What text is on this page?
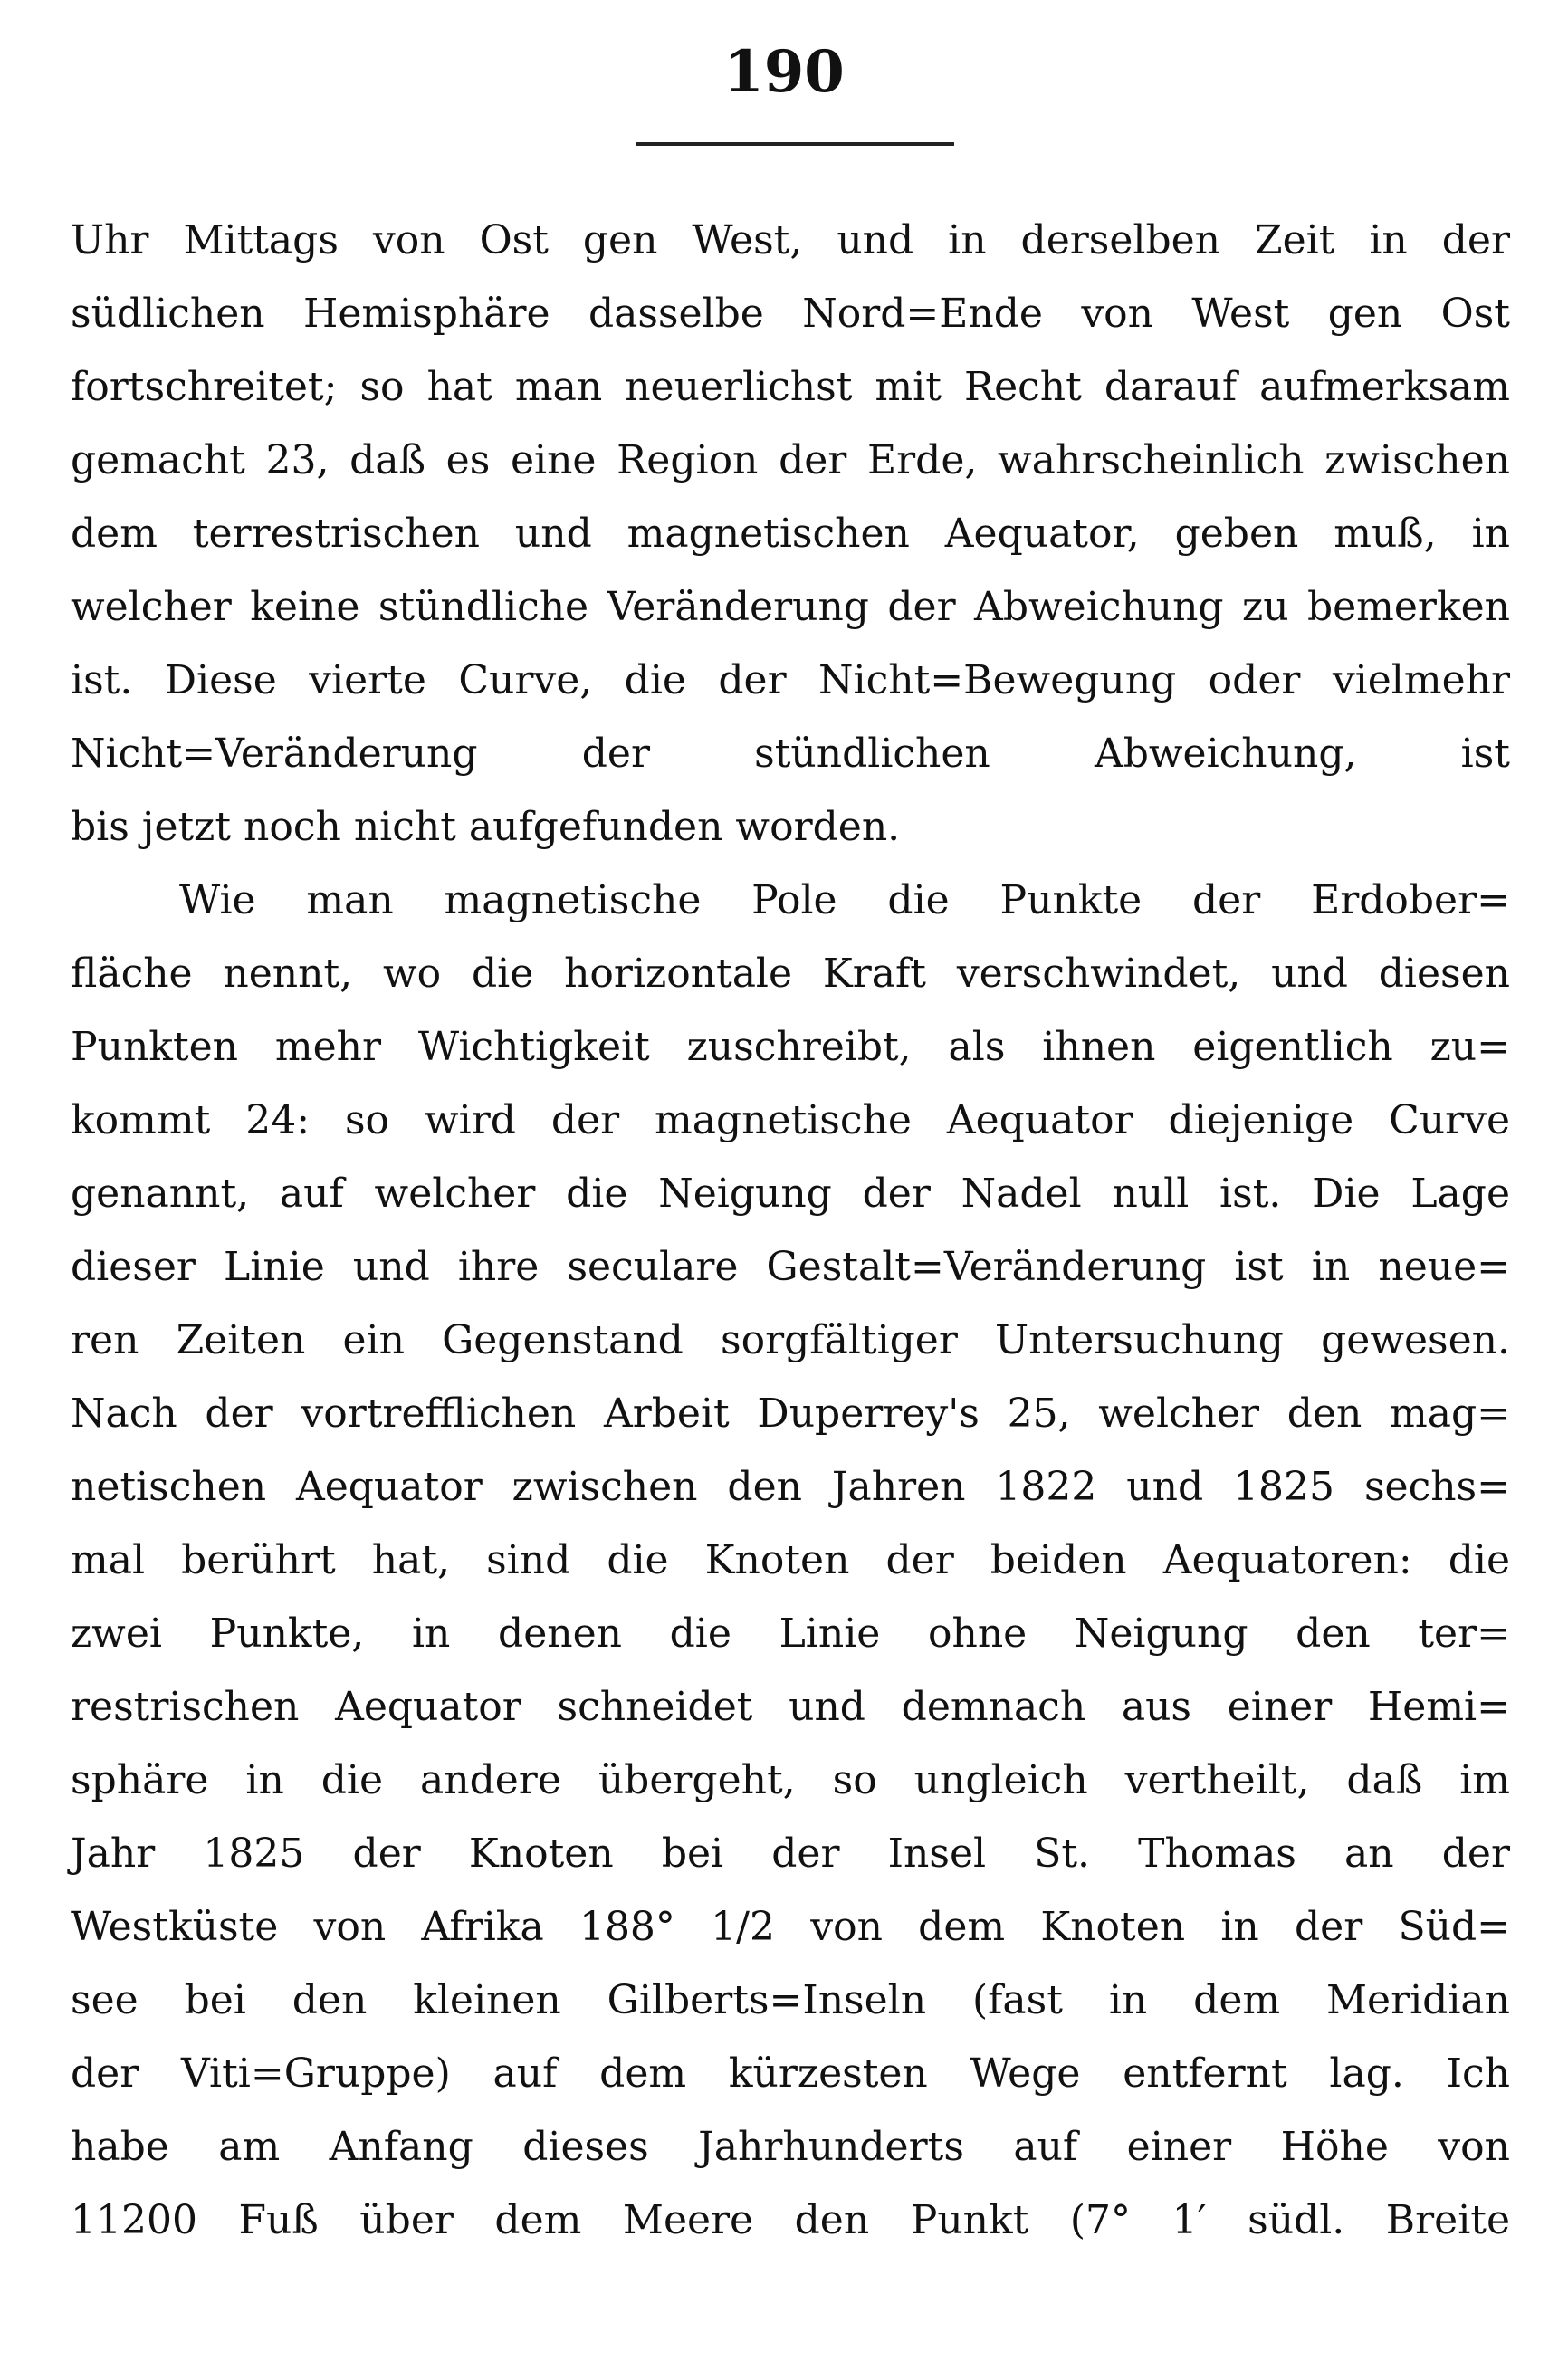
190
Uhr Mittags von Ost gen West, und in derselben Zeit in der
südlichen Hemisphäre dasselbe Nord=Ende von West gen Ost
fortschreitet; so hat man neuerlichst mit Recht darauf aufmerksam
gemacht 23, daß es eine Region der Erde, wahrscheinlich zwischen
dem terrestrischen und magnetischen Aequator, geben muß, in
welcher keine stündliche Veränderung der Abweichung zu bemerken
ist. Diese vierte Curve, die der Nicht=Bewegung oder vielmehr
Nicht=Veränderung der stündlichen Abweichung, ist
bis jetzt noch nicht aufgefunden worden.
Wie man magnetische Pole die Punkte der Erdober=
fläche nennt, wo die horizontale Kraft verschwindet, und diesen
Punkten mehr Wichtigkeit zuschreibt, als ihnen eigentlich zu=
kommt 24: so wird der magnetische Aequator diejenige Curve
genannt, auf welcher die Neigung der Nadel null ist. Die Lage
dieser Linie und ihre seculare Gestalt=Veränderung ist in neue=
ren Zeiten ein Gegenstand sorgfältiger Untersuchung gewesen.
Nach der vortrefflichen Arbeit Duperrey's 25, welcher den mag=
netischen Aequator zwischen den Jahren 1822 und 1825 sechs=
mal berührt hat, sind die Knoten der beiden Aequatoren: die
zwei Punkte, in denen die Linie ohne Neigung den ter=
restrischen Aequator schneidet und demnach aus einer Hemi=
sphäre in die andere übergeht, so ungleich vertheilt, daß im
Jahr 1825 der Knoten bei der Insel St. Thomas an der
Westküste von Afrika 188° 1/2 von dem Knoten in der Süd=
see bei den kleinen Gilberts=Inseln (fast in dem Meridian
der Viti=Gruppe) auf dem kürzesten Wege entfernt lag. Ich
habe am Anfang dieses Jahrhunderts auf einer Höhe von
11200 Fuß über dem Meere den Punkt (7° 1′ südl. Breite
